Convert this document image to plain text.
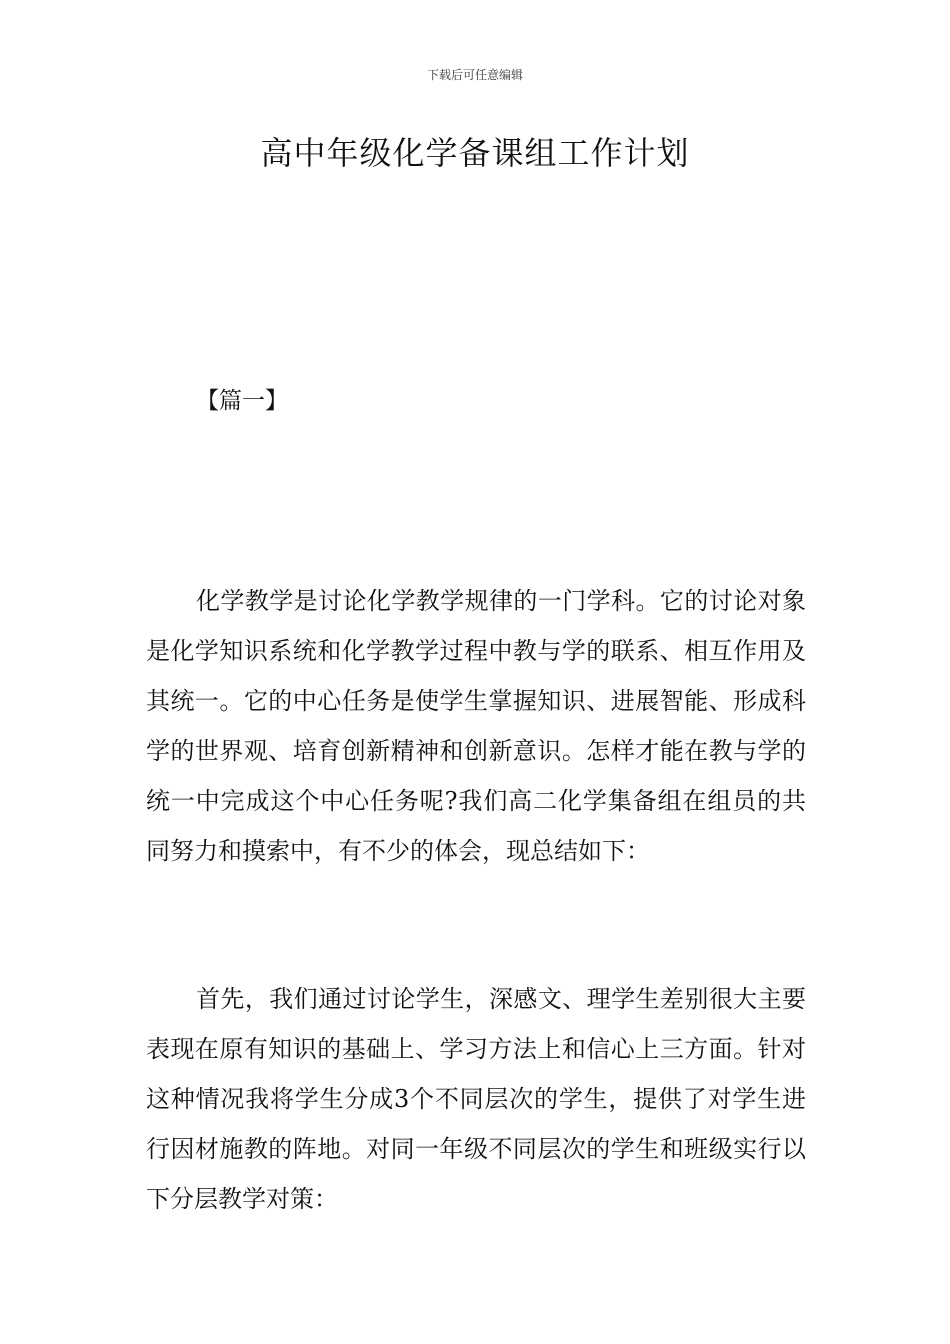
下载后可任意编辑
高中年级化学备课组工作计划
【篇一】

化学教学是讨论化学教学规律的一门学科。它的讨论对象是化学知识系统和化学教学过程中教与学的联系、相互作用及其统一。它的中心任务是使学生掌握知识、进展智能、形成科学的世界观、培育创新精神和创新意识。怎样才能在教与学的统一中完成这个中心任务呢?我们高二化学集备组在组员的共同努力和摸索中，有不少的体会，现总结如下：

首先，我们通过讨论学生，深感文、理学生差别很大主要表现在原有知识的基础上、学习方法上和信心上三方面。针对这种情况我将学生分成3个不同层次的学生，提供了对学生进行因材施教的阵地。对同一年级不同层次的学生和班级实行以下分层教学对策：
